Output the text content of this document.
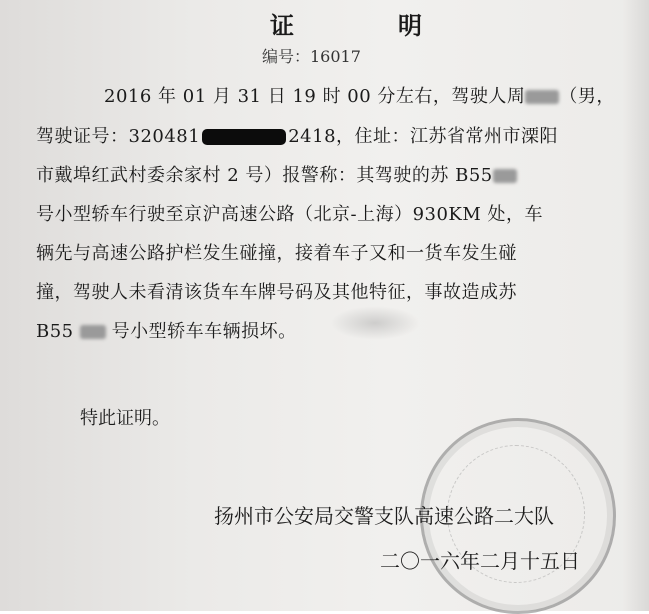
证　明
编号：16017
2016 年 01 月 31 日 19 时 00 分左右，驾驶人周 （男，
驾驶证号：320481	2418，住址：江苏省常州市溧阳
市戴埠红武村委余家村 2 号）报警称：其驾驶的苏 B55
号小型轿车行驶至京沪高速公路（北京-上海）930KM 处，车
辆先与高速公路护栏发生碰撞，接着车子又和一货车发生碰
撞，驾驶人未看清该货车车牌号码及其他特征，事故造成苏
B55 号小型轿车车辆损坏。
特此证明。
扬州市公安局交警支队高速公路二大队
二〇一六年二月十五日
